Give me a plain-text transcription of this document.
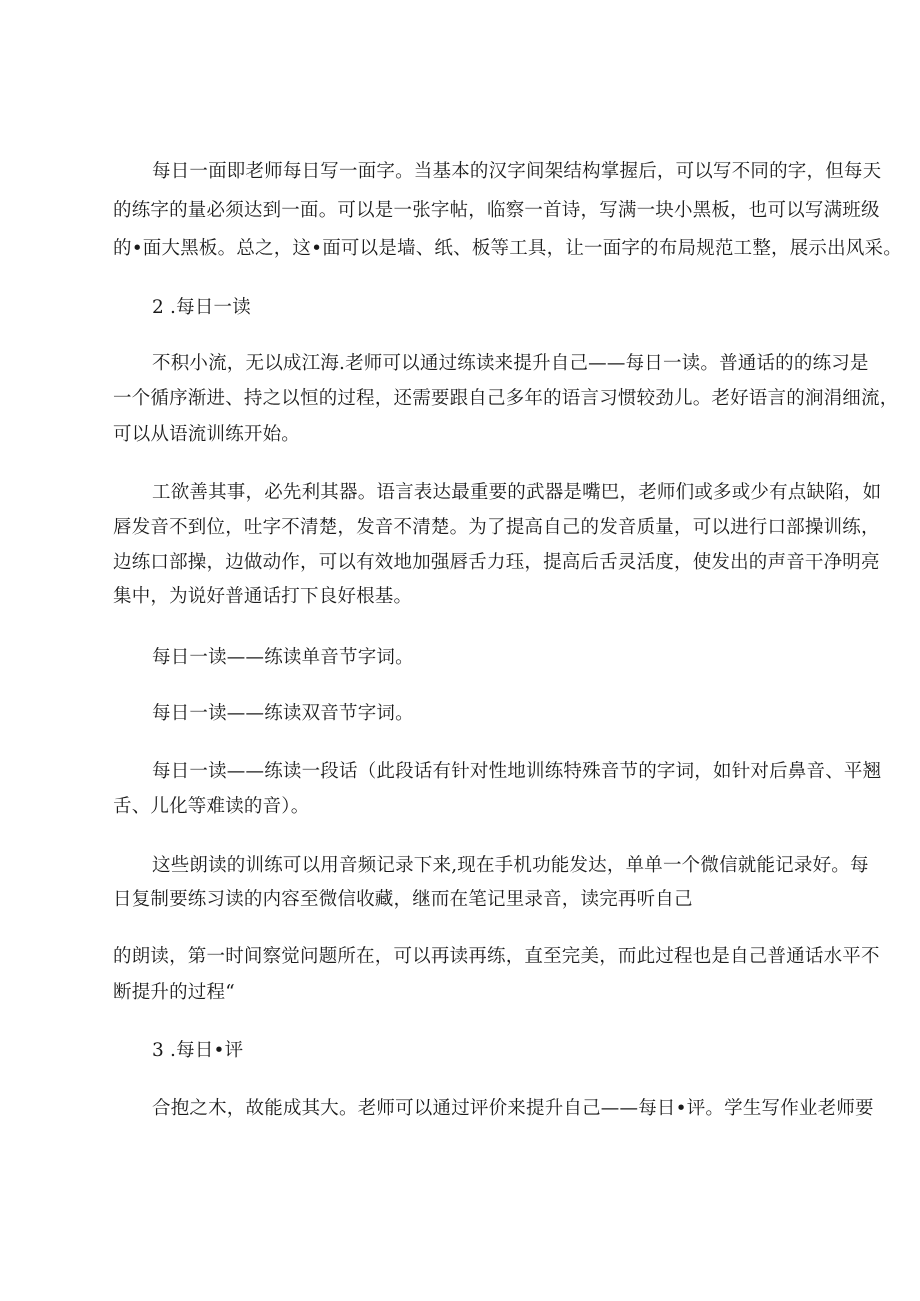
每日一面即老师每日写一面字。当基本的汉字间架结构掌握后，可以写不同的字，但每天
的练字的量必须达到一面。可以是一张字帖，临察一首诗，写满一块小黑板，也可以写满班级
的•面大黑板。总之，这•面可以是墙、纸、板等工具，让一面字的布局规范工整，展示出风采。
2 .每日一读
不积小流，无以成江海.老师可以通过练读来提升自己——每日一读。普通话的的练习是
一个循序渐进、持之以恒的过程，还需要跟自己多年的语言习惯较劲儿。老好语言的涧涓细流，
可以从语流训练开始。
工欲善其事，必先利其器。语言表达最重要的武器是嘴巴，老师们或多或少有点缺陷，如
唇发音不到位，吐字不清楚，发音不清楚。为了提高自己的发音质量，可以进行口部操训练，
边练口部操，边做动作，可以有效地加强唇舌力珏，提高后舌灵活度，使发出的声音干净明亮
集中，为说好普通话打下良好根基。
每日一读——练读单音节字词。
每日一读——练读双音节字词。
每日一读——练读一段话（此段话有针对性地训练特殊音节的字词，如针对后鼻音、平翘
舌、儿化等难读的音）。
这些朗读的训练可以用音频记录下来,现在手机功能发达，单单一个微信就能记录好。每
日复制要练习读的内容至微信收藏，继而在笔记里录音，读完再听自己
的朗读，第一时间察觉问题所在，可以再读再练，直至完美，而此过程也是自己普通话水平不
断提升的过程“
3 .每日•评
合抱之木，故能成其大。老师可以通过评价来提升自己——每日•评。学生写作业老师要
